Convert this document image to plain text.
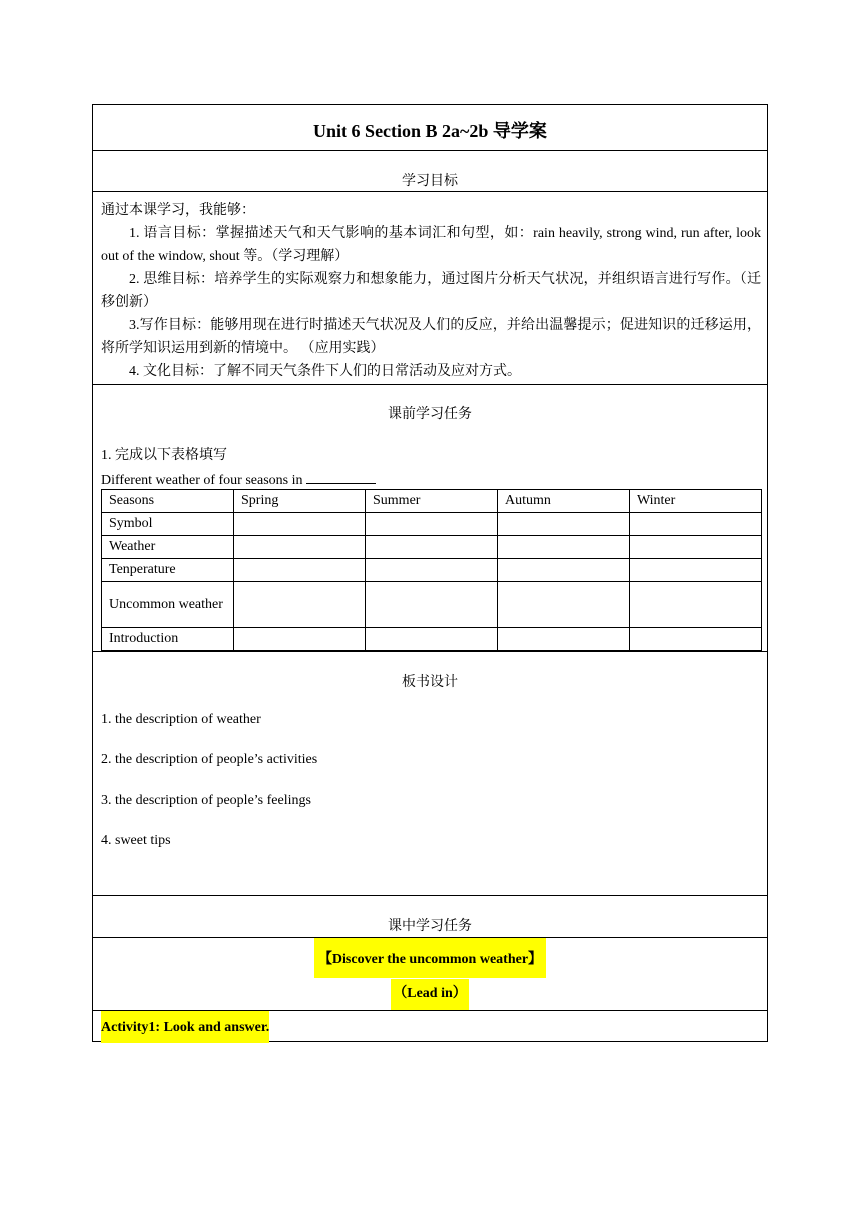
Unit 6 Section B 2a~2b 导学案
学习目标
通过本课学习，我能够：
1. 语言目标：掌握描述天气和天气影响的基本词汇和句型，如：rain heavily, strong wind, run after, look out of the window, shout 等。（学习理解）
2. 思维目标：培养学生的实际观察力和想象能力，通过图片分析天气状况，并组织语言进行写作。（迁移创新）
3.写作目标：能够用现在进行时描述天气状况及人们的反应，并给出温馨提示；促进知识的迁移运用，将所学知识运用到新的情境中。 （应用实践）
4. 文化目标：了解不同天气条件下人们的日常活动及应对方式。
课前学习任务
1. 完成以下表格填写
Different weather of four seasons in
Seasons	Spring	Summer	Autumn	Winter
Symbol				
Weather				
Tenperature				
Uncommon weather				
Introduction				
板书设计
1. the description of weather
2. the description of people’s activities
3. the description of people’s feelings
4. sweet tips
课中学习任务
【Discover the uncommon weather】
（Lead in）
Activity1: Look and answer.
